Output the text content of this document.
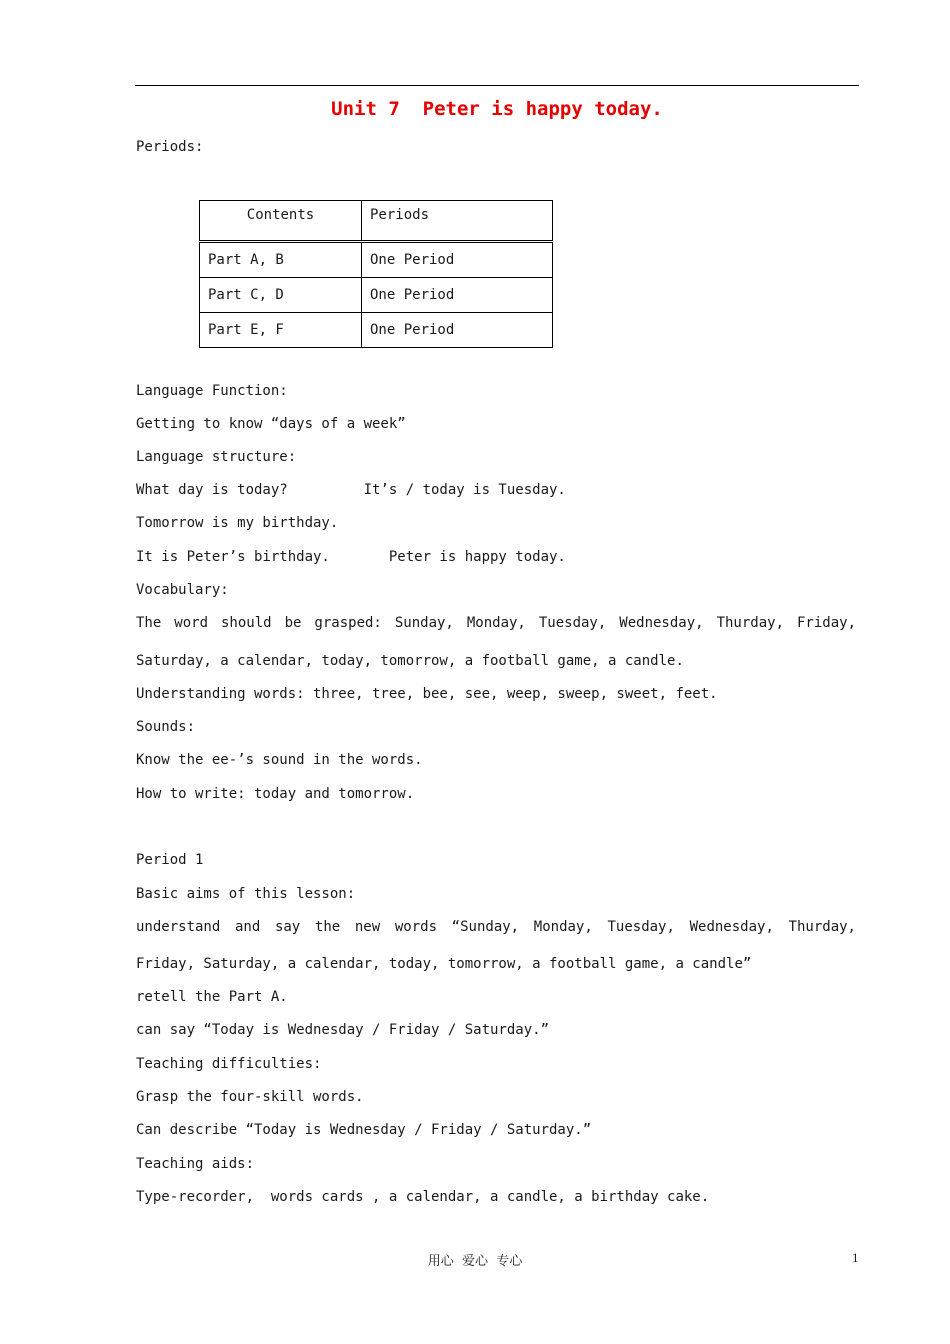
Unit 7  Peter is happy today.
Periods:
Contents	Periods
Part A, B	One Period
Part C, D	One Period
Part E, F	One Period
Language Function:
Getting to know “days of a week”
Language structure:
What day is today?         It’s / today is Tuesday.
Tomorrow is my birthday.
It is Peter’s birthday.       Peter is happy today.
Vocabulary:
The word should be grasped: Sunday, Monday, Tuesday, Wednesday, Thurday, Friday,
Saturday, a calendar, today, tomorrow, a football game, a candle.
Understanding words: three, tree, bee, see, weep, sweep, sweet, feet.
Sounds:
Know the ee-’s sound in the words.
How to write: today and tomorrow.
Period 1
Basic aims of this lesson:
understand and say the new words “Sunday, Monday, Tuesday, Wednesday, Thurday,
Friday, Saturday, a calendar, today, tomorrow, a football game, a candle”
retell the Part A.
can say “Today is Wednesday / Friday / Saturday.”
Teaching difficulties:
Grasp the four-skill words.
Can describe “Today is Wednesday / Friday / Saturday.”
Teaching aids:
Type-recorder,  words cards , a calendar, a candle, a birthday cake.
用心  爱心  专心	1
